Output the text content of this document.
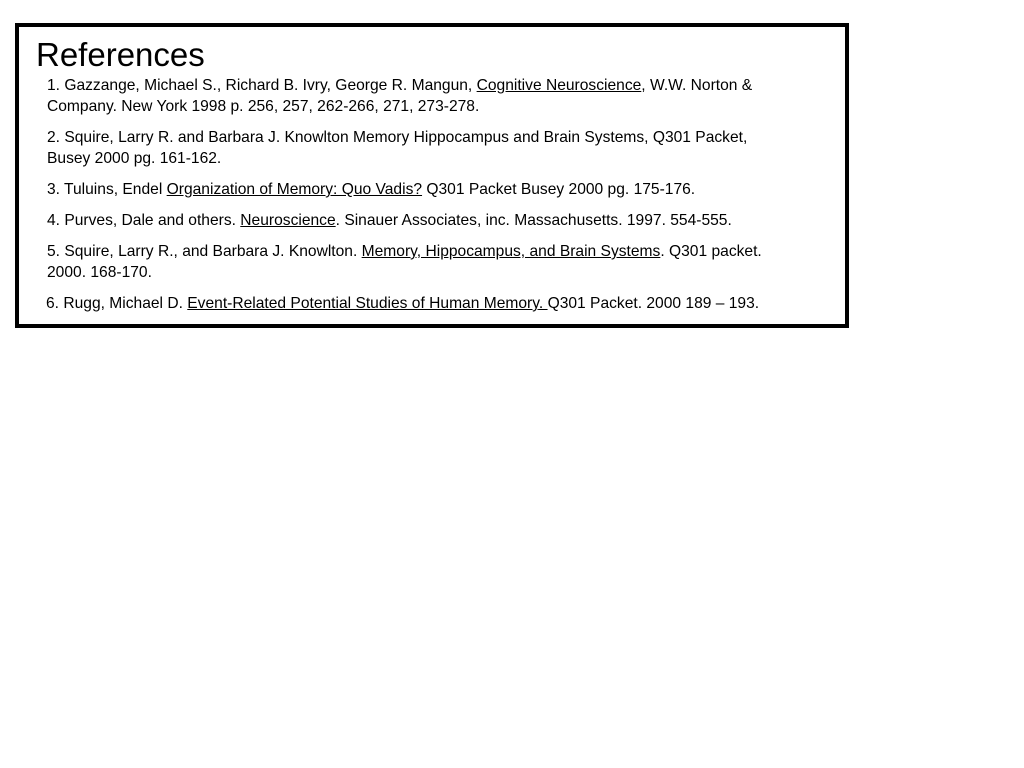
References
1. Gazzange, Michael S., Richard B. Ivry, George R. Mangun, Cognitive Neuroscience, W.W. Norton &
Company. New York 1998 p. 256, 257, 262-266, 271, 273-278.
2. Squire, Larry R. and Barbara J. Knowlton Memory Hippocampus and Brain Systems, Q301 Packet,
Busey 2000 pg. 161-162.
3. Tuluins, Endel Organization of Memory: Quo Vadis? Q301 Packet Busey 2000 pg. 175-176.
4. Purves, Dale and others. Neuroscience. Sinauer Associates, inc. Massachusetts. 1997. 554-555.
5. Squire, Larry R., and Barbara J. Knowlton. Memory, Hippocampus, and Brain Systems. Q301 packet.
2000. 168-170.
6. Rugg, Michael D. Event-Related Potential Studies of Human Memory. Q301 Packet. 2000 189 – 193.
